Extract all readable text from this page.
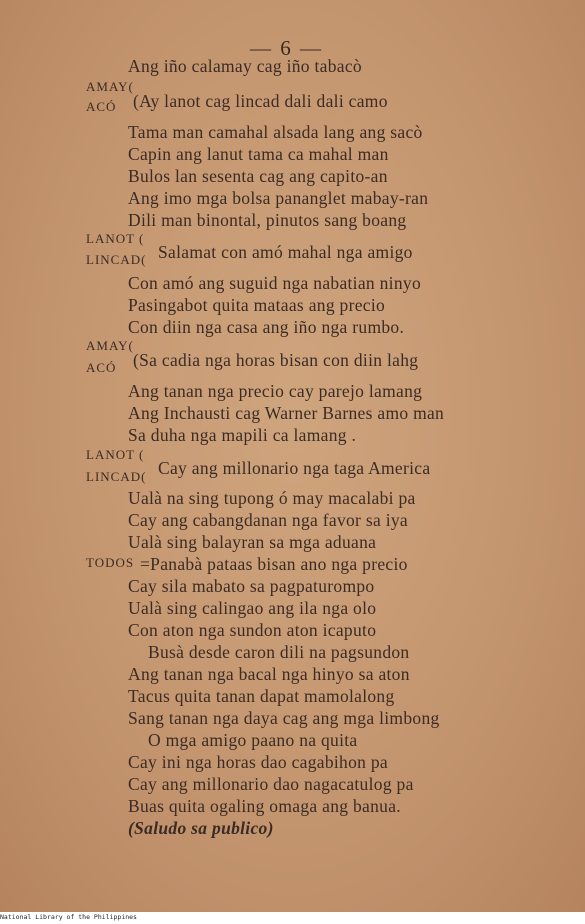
— 6 —
AMAY(
ACÓ
LANOT (
LINCAD(
AMAY(
ACÓ
LANOT (
LINCAD(
TODOS
Ang iño calamay cag iño tabacò
(Ay lanot cag lincad dali dali camo
Tama man camahal alsada lang ang sacò
Capin ang lanut tama ca mahal man
Bulos lan sesenta cag ang capito-an
Ang imo mga bolsa pananglet mabay-ran
Dili man binontal, pinutos sang boang
Salamat con amó mahal nga amigo
Con amó ang suguid nga nabatian ninyo
Pasingabot quita mataas ang precio
Con diin nga casa ang iño nga rumbo.
(Sa cadia nga horas bisan con diin lahg
Ang tanan nga precio cay parejo lamang
Ang Inchausti cag Warner Barnes amo man
Sa duha nga mapili ca lamang .
Cay ang millonario nga taga America
Ualà na sing tupong ó may macalabi pa
Cay ang cabangdanan nga favor sa iya
Ualà sing balayran sa mga aduana
=Panabà pataas bisan ano nga precio
Cay sila mabato sa pagpaturompo
Ualà sing calingao ang ila nga olo
Con aton nga sundon aton icaputo
Busà desde caron dili na pagsundon
Ang tanan nga bacal nga hinyo sa aton
Tacus quita tanan dapat mamolalong
Sang tanan nga daya cag ang mga limbong
O mga amigo paano na quita
Cay ini nga horas dao cagabihon pa
Cay ang millonario dao nagacatulog pa
Buas quita ogaling omaga ang banua.
(Saludo sa publico)
National Library of the Philippines
